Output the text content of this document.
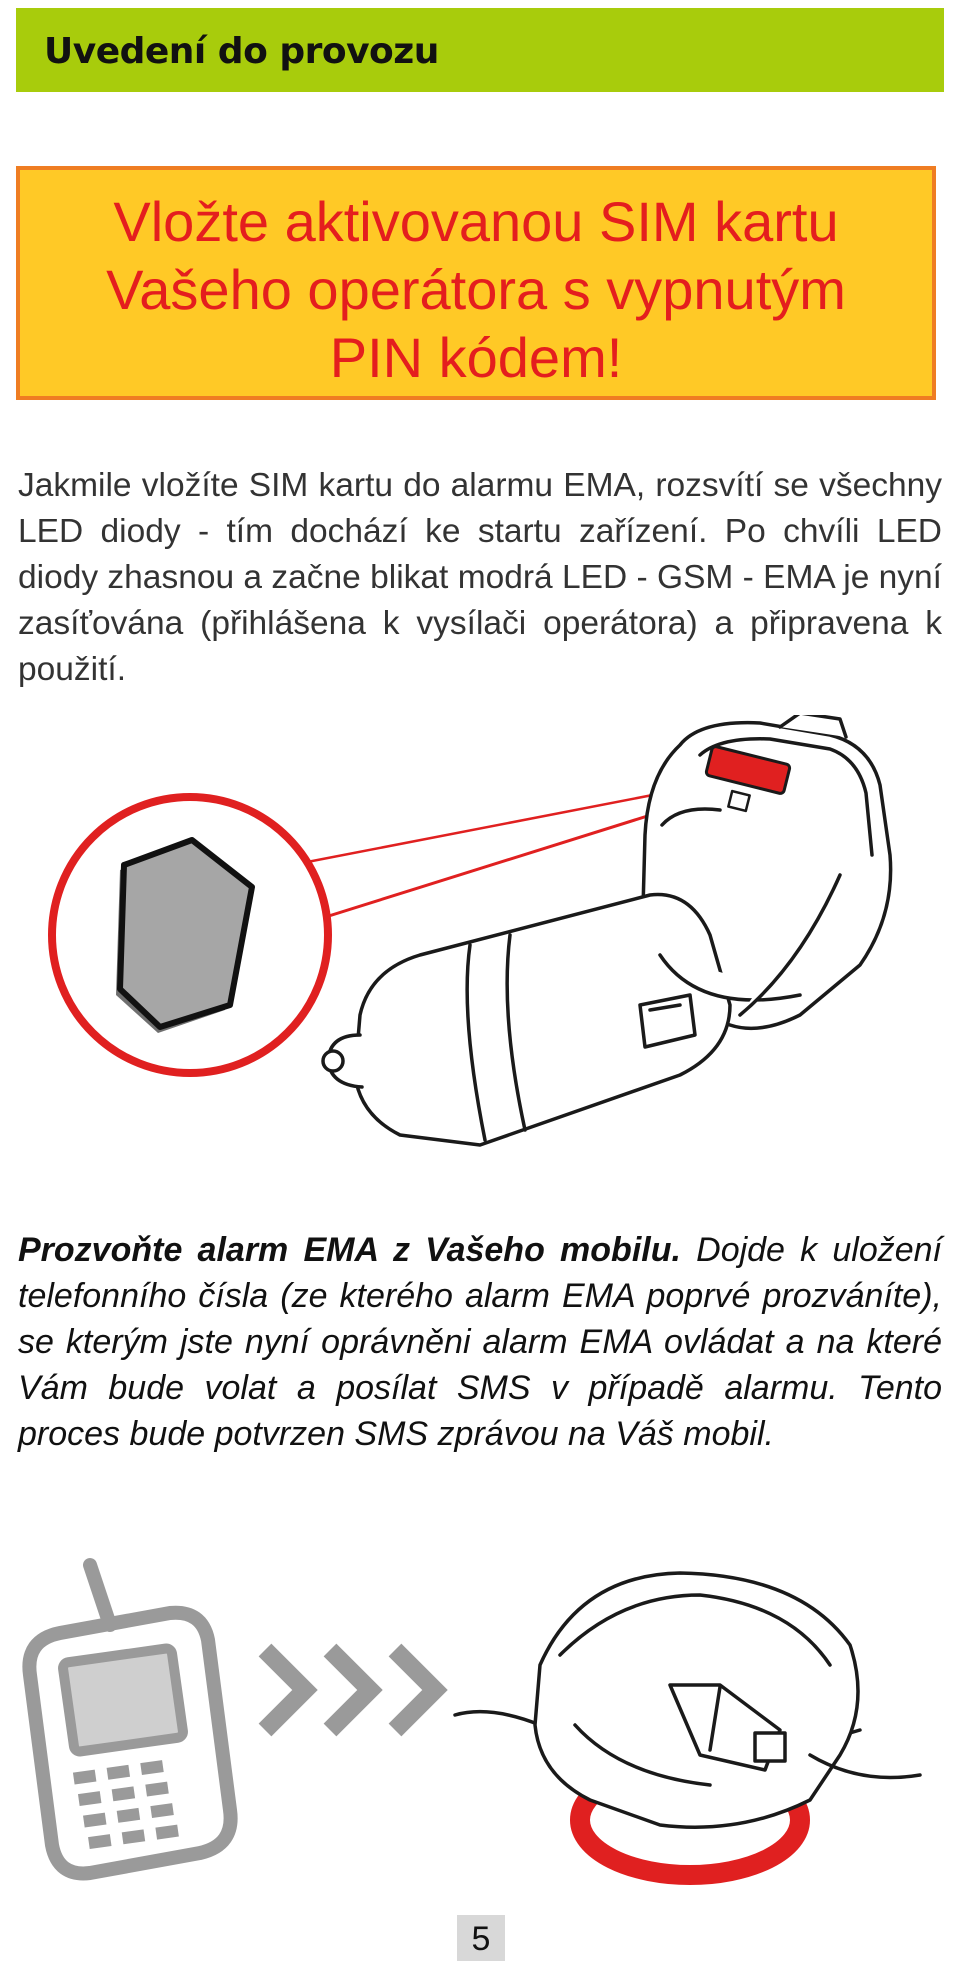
Uvedení do provozu
Vložte aktivovanou SIM kartu
Vašeho operátora s vypnutým
PIN kódem!
Jakmile vložíte SIM kartu do alarmu EMA, rozsvítí se všechny LED diody - tím dochází ke startu zařízení. Po chvíli LED diody zhasnou a začne blikat modrá LED - GSM - EMA je nyní zasíťována (přihlášena k vysílači operátora) a připravena k použití.
Prozvoňte alarm EMA z Vašeho mobilu. Dojde k uložení telefonního čísla (ze kterého alarm EMA poprvé prozváníte), se kterým jste nyní oprávněni alarm EMA ovládat a na které Vám bude volat a posílat SMS v případě alarmu. Tento proces bude potvrzen SMS zprávou na Váš mobil.
5
